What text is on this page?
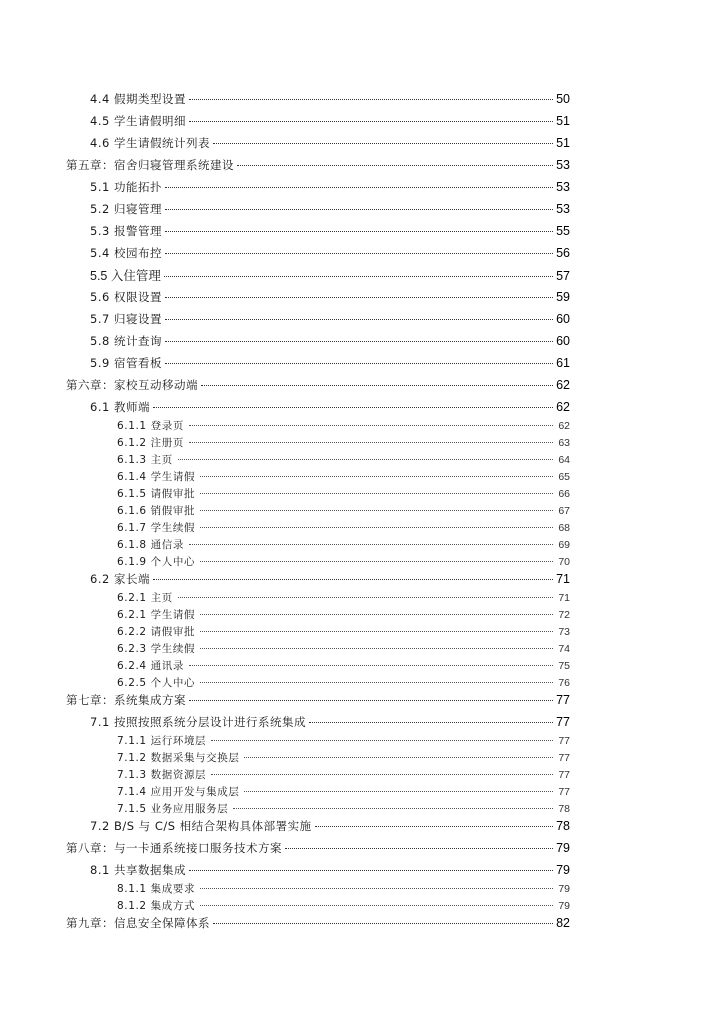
4.4 假期类型设置	50
4.5 学生请假明细	51
4.6 学生请假统计列表	51
第五章：宿舍归寝管理系统建设	53
5.1 功能拓扑	53
5.2 归寝管理	53
5.3 报警管理	55
5.4 校园布控	56
5.5 入住管理	57
5.6 权限设置	59
5.7 归寝设置	60
5.8 统计查询	60
5.9 宿管看板	61
第六章：家校互动移动端	62
6.1 教师端	62
6.1.1 登录页	62
6.1.2 注册页	63
6.1.3 主页	64
6.1.4 学生请假	65
6.1.5 请假审批	66
6.1.6 销假审批	67
6.1.7 学生续假	68
6.1.8 通信录	69
6.1.9 个人中心	70
6.2 家长端	71
6.2.1 主页	71
6.2.1 学生请假	72
6.2.2 请假审批	73
6.2.3 学生续假	74
6.2.4 通讯录	75
6.2.5 个人中心	76
第七章：系统集成方案	77
7.1 按照按照系统分层设计进行系统集成	77
7.1.1 运行环境层	77
7.1.2 数据采集与交换层	77
7.1.3 数据资源层	77
7.1.4 应用开发与集成层	77
7.1.5 业务应用服务层	78
7.2 B/S 与 C/S 相结合架构具体部署实施	78
第八章：与一卡通系统接口服务技术方案	79
8.1 共享数据集成	79
8.1.1 集成要求	79
8.1.2 集成方式	79
第九章：信息安全保障体系	82
